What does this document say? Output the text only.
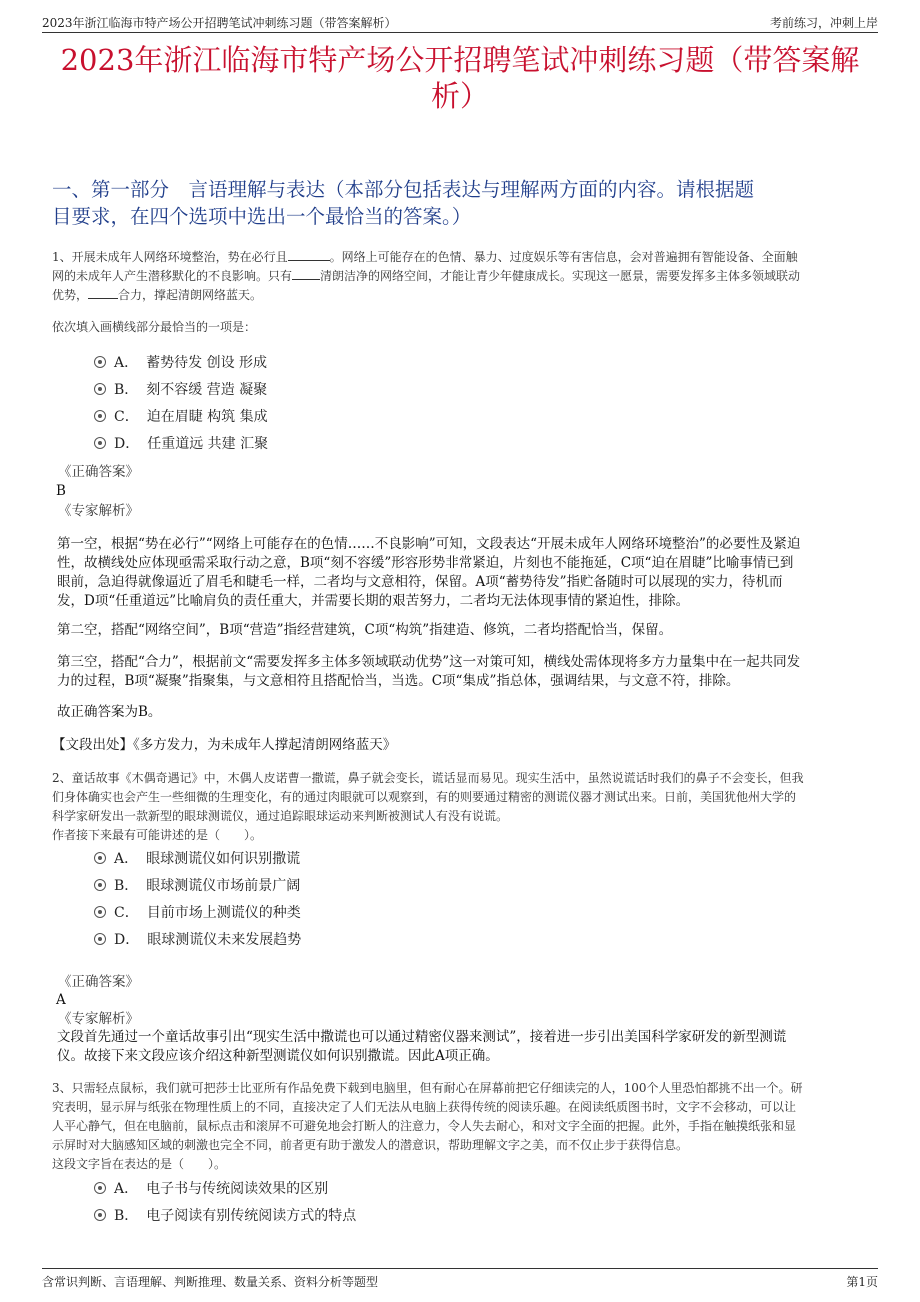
2023年浙江临海市特产场公开招聘笔试冲刺练习题（带答案解析）	考前练习，冲刺上岸
2023年浙江临海市特产场公开招聘笔试冲刺练习题（带答案解
析）
一、第一部分　言语理解与表达（本部分包括表达与理解两方面的内容。请根据题
目要求，在四个选项中选出一个最恰当的答案。）
1、开展未成年人网络环境整治，势在必行且	。网络上可能存在的色情、暴力、过度娱乐等有害信息，会对普遍拥有智能设备、全面触
网的未成年人产生潜移默化的不良影响。只有 清朗洁净的网络空间，才能让青少年健康成长。实现这一愿景，需要发挥多主体多领域联动
优势，	合力，撑起清朗网络蓝天。
依次填入画横线部分最恰当的一项是：
A． 蓄势待发 创设 形成
B． 刻不容缓 营造 凝聚
C． 迫在眉睫 构筑 集成
D． 任重道远 共建 汇聚
《正确答案》
B
《专家解析》
第一空，根据“势在必行”“网络上可能存在的色情……不良影响”可知，文段表达“开展未成年人网络环境整治”的必要性及紧迫
性，故横线处应体现亟需采取行动之意，B项“刻不容缓”形容形势非常紧迫，片刻也不能拖延，C项“迫在眉睫”比喻事情已到
眼前，急迫得就像逼近了眉毛和睫毛一样，二者均与文意相符，保留。A项“蓄势待发”指贮备随时可以展现的实力，待机而
发，D项“任重道远”比喻肩负的责任重大，并需要长期的艰苦努力，二者均无法体现事情的紧迫性，排除。
第二空，搭配“网络空间”，B项“营造”指经营建筑，C项“构筑”指建造、修筑，二者均搭配恰当，保留。
第三空，搭配“合力”，根据前文“需要发挥多主体多领域联动优势”这一对策可知，横线处需体现将多方力量集中在一起共同发
力的过程，B项“凝聚”指聚集，与文意相符且搭配恰当，当选。C项“集成”指总体，强调结果，与文意不符，排除。
故正确答案为B。
【文段出处】《多方发力，为未成年人撑起清朗网络蓝天》
2、童话故事《木偶奇遇记》中，木偶人皮诺曹一撒谎，鼻子就会变长，谎话显而易见。现实生活中，虽然说谎话时我们的鼻子不会变长，但我
们身体确实也会产生一些细微的生理变化，有的通过肉眼就可以观察到，有的则要通过精密的测谎仪器才测试出来。日前，美国犹他州大学的
科学家研发出一款新型的眼球测谎仪，通过追踪眼球运动来判断被测试人有没有说谎。
作者接下来最有可能讲述的是（　　）。
A． 眼球测谎仪如何识别撒谎
B． 眼球测谎仪市场前景广阔
C． 目前市场上测谎仪的种类
D． 眼球测谎仪未来发展趋势
《正确答案》
A
《专家解析》
文段首先通过一个童话故事引出“现实生活中撒谎也可以通过精密仪器来测试”，接着进一步引出美国科学家研发的新型测谎
仪。故接下来文段应该介绍这种新型测谎仪如何识别撒谎。因此A项正确。
3、只需轻点鼠标，我们就可把莎士比亚所有作品免费下载到电脑里，但有耐心在屏幕前把它仔细读完的人，100个人里恐怕都挑不出一个。研
究表明，显示屏与纸张在物理性质上的不同，直接决定了人们无法从电脑上获得传统的阅读乐趣。在阅读纸质图书时，文字不会移动，可以让
人平心静气，但在电脑前，鼠标点击和滚屏不可避免地会打断人的注意力，令人失去耐心，和对文字全面的把握。此外，手指在触摸纸张和显
示屏时对大脑感知区域的刺激也完全不同，前者更有助于激发人的潜意识，帮助理解文字之美，而不仅止步于获得信息。
这段文字旨在表达的是（　　）。
A． 电子书与传统阅读效果的区别
B． 电子阅读有别传统阅读方式的特点
含常识判断、言语理解、判断推理、数量关系、资料分析等题型	第1页
